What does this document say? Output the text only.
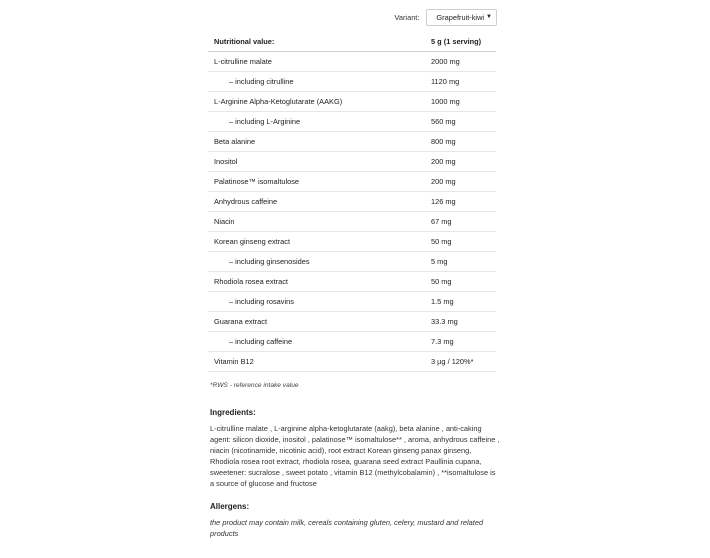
Variant: Grapefruit-kiwi ▼
Nutritional value:	5 g (1 serving)
L-citrulline malate	2000 mg
– including citrulline	1120 mg
L-Arginine Alpha-Ketoglutarate (AAKG)	1000 mg
– including L-Arginine	560 mg
Beta alanine	800 mg
Inositol	200 mg
Palatinose™ isomaltulose	200 mg
Anhydrous caffeine	126 mg
Niacin	67 mg
Korean ginseng extract	50 mg
– including ginsenosides	5 mg
Rhodiola rosea extract	50 mg
– including rosavins	1.5 mg
Guarana extract	33.3 mg
– including caffeine	7.3 mg
Vitamin B12	3 µg / 120%*
*RWS - reference intake value
Ingredients:
L-citrulline malate , L-arginine alpha-ketoglutarate (aakg), beta alanine , anti-caking agent: silicon dioxide, inositol , palatinose™ isomaltulose** , aroma, anhydrous caffeine , niacin (nicotinamide, nicotinic acid), root extract Korean ginseng panax ginseng, Rhodiola rosea root extract, rhodiola rosea, guarana seed extract Paullinia cupana, sweetener: sucralose , sweet potato , vitamin B12 (methylcobalamin) , **isomaltulose is a source of glucose and fructose
Allergens:
the product may contain milk, cereals containing gluten, celery, mustard and related products
